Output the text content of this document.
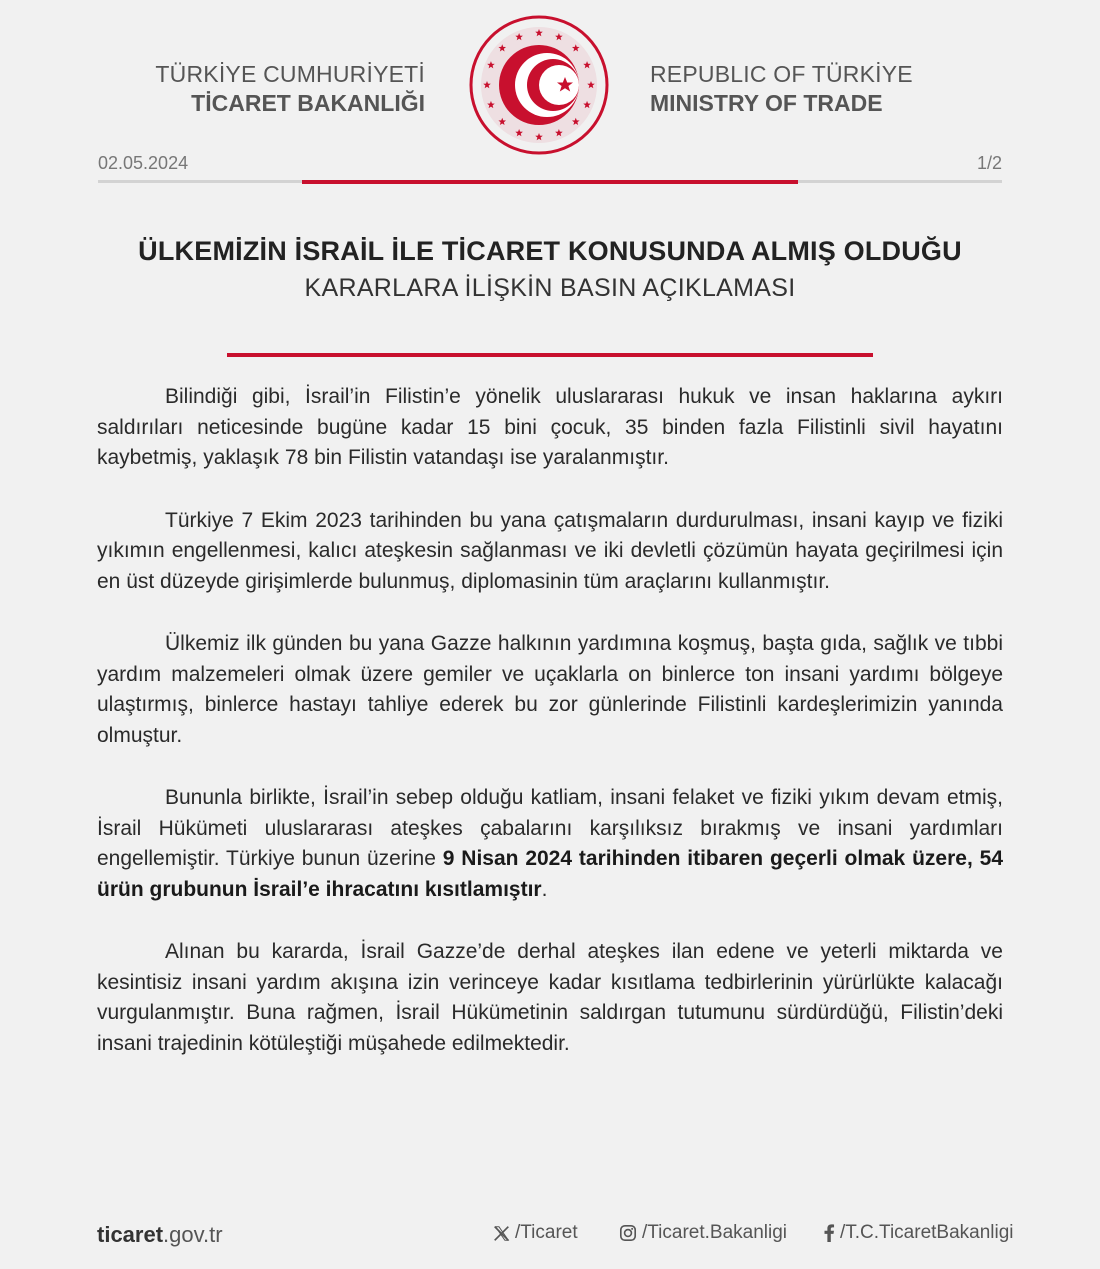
TÜRKİYE CUMHURİYETİ
TİCARET BAKANLIĞI
REPUBLIC OF TÜRKİYE
MINISTRY OF TRADE
02.05.2024	1/2
ÜLKEMİZİN İSRAİL İLE TİCARET KONUSUNDA ALMIŞ OLDUĞU
KARARLARA İLİŞKİN BASIN AÇIKLAMASI

Bilindiği gibi, İsrail’in Filistin’e yönelik uluslararası hukuk ve insan haklarına aykırı saldırıları neticesinde bugüne kadar 15 bini çocuk, 35 binden fazla Filistinli sivil hayatını kaybetmiş, yaklaşık 78 bin Filistin vatandaşı ise yaralanmıştır.

Türkiye 7 Ekim 2023 tarihinden bu yana çatışmaların durdurulması, insani kayıp ve fiziki yıkımın engellenmesi, kalıcı ateşkesin sağlanması ve iki devletli çözümün hayata geçirilmesi için en üst düzeyde girişimlerde bulunmuş, diplomasinin tüm araçlarını kullanmıştır.

Ülkemiz ilk günden bu yana Gazze halkının yardımına koşmuş, başta gıda, sağlık ve tıbbi yardım malzemeleri olmak üzere gemiler ve uçaklarla on binlerce ton insani yardımı bölgeye ulaştırmış, binlerce hastayı tahliye ederek bu zor günlerinde Filistinli kardeşlerimizin yanında olmuştur.

Bununla birlikte, İsrail’in sebep olduğu katliam, insani felaket ve fiziki yıkım devam etmiş, İsrail Hükümeti uluslararası ateşkes çabalarını karşılıksız bırakmış ve insani yardımları engellemiştir. Türkiye bunun üzerine 9 Nisan 2024 tarihinden itibaren geçerli olmak üzere, 54 ürün grubunun İsrail’e ihracatını kısıtlamıştır.

Alınan bu kararda, İsrail Gazze’de derhal ateşkes ilan edene ve yeterli miktarda ve kesintisiz insani yardım akışına izin verinceye kadar kısıtlama tedbirlerinin yürürlükte kalacağı vurgulanmıştır. Buna rağmen, İsrail Hükümetinin saldırgan tutumunu sürdürdüğü, Filistin’deki insani trajedinin kötüleştiği müşahede edilmektedir.

ticaret.gov.tr	/Ticaret	/Ticaret.Bakanligi	/T.C.TicaretBakanligi
